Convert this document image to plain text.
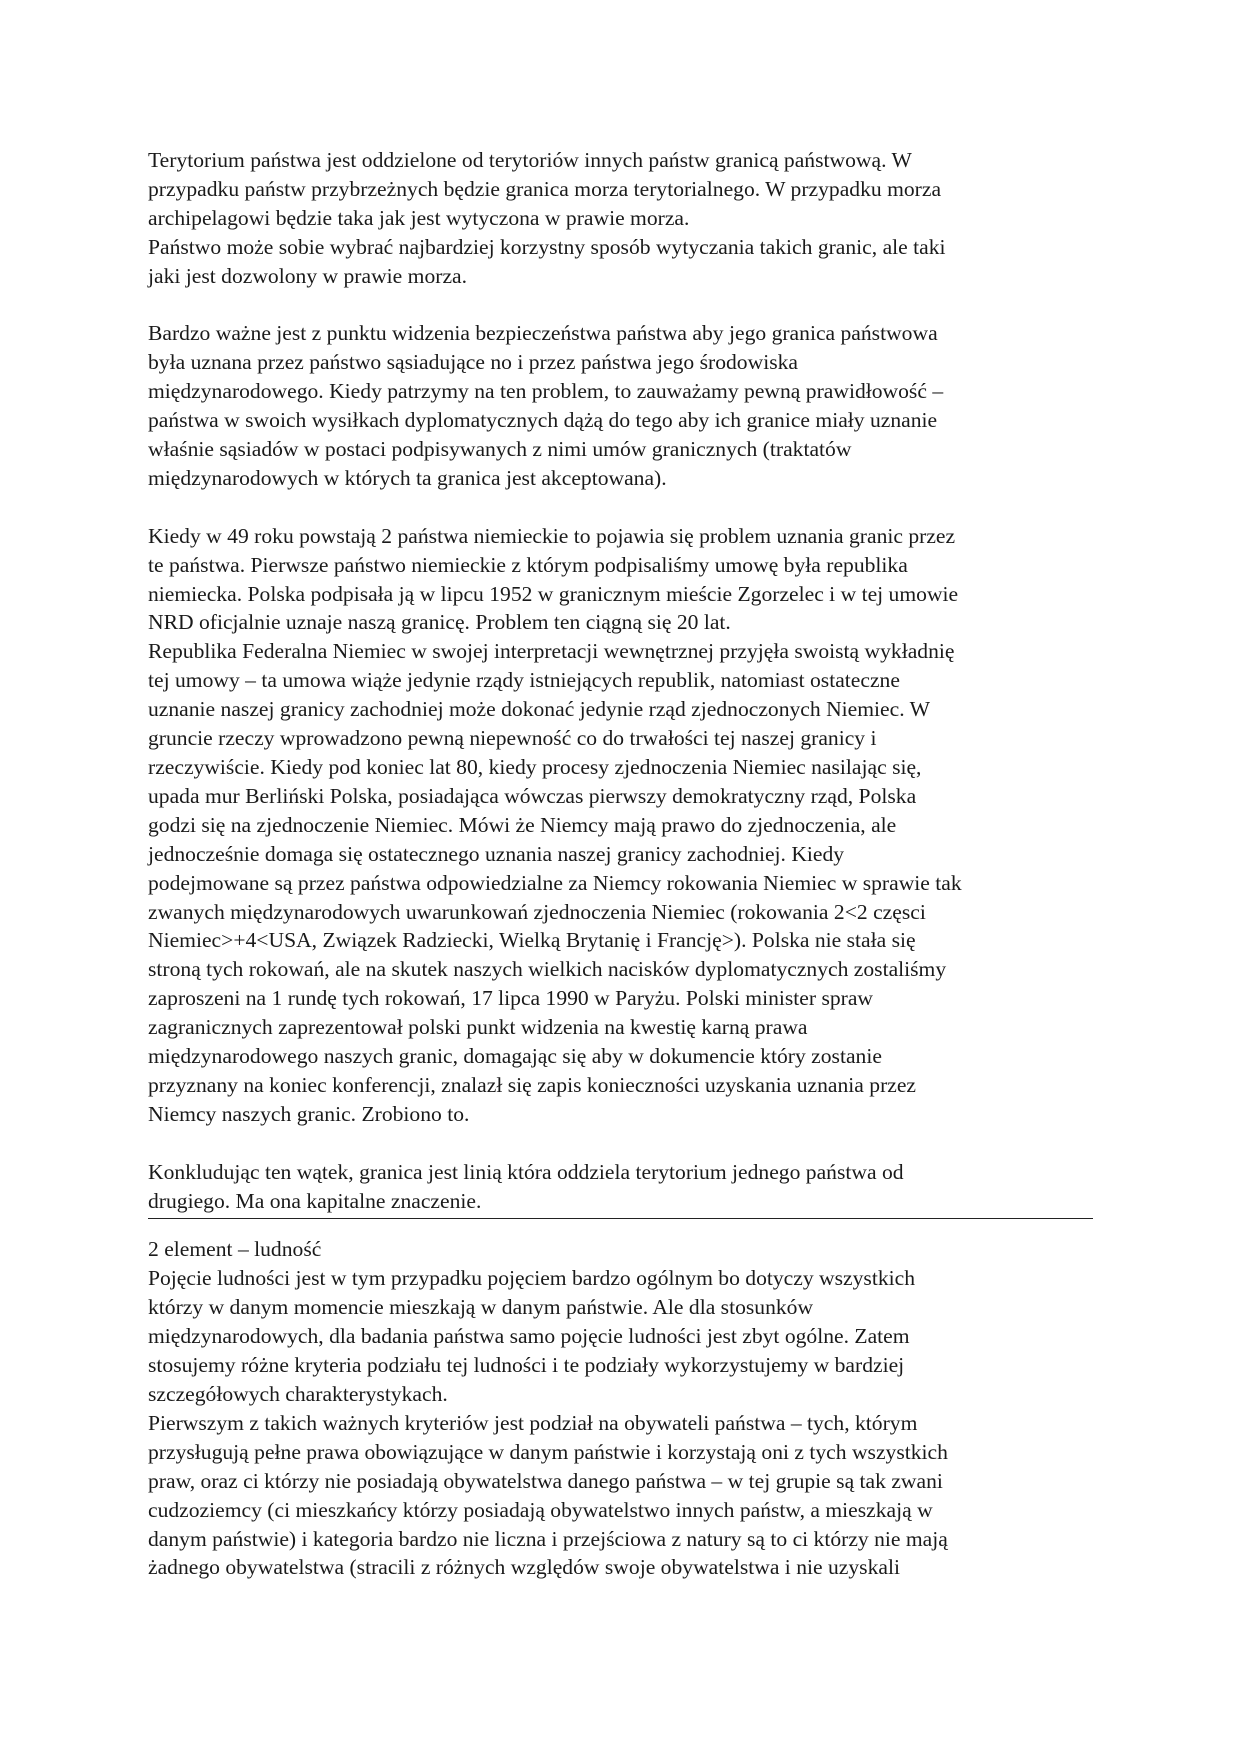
Terytorium państwa jest oddzielone od terytoriów innych państw granicą państwową. W
przypadku państw przybrzeżnych będzie granica morza terytorialnego. W przypadku morza
archipelagowi będzie taka jak jest wytyczona w prawie morza.

Państwo może sobie wybrać najbardziej korzystny sposób wytyczania takich granic, ale taki
jaki jest dozwolony w prawie morza.

Bardzo ważne jest z punktu widzenia bezpieczeństwa państwa aby jego granica państwowa
była uznana przez państwo sąsiadujące no i przez państwa jego środowiska
międzynarodowego. Kiedy patrzymy na ten problem, to zauważamy pewną prawidłowość –
państwa w swoich wysiłkach dyplomatycznych dążą do tego aby ich granice miały uznanie
właśnie sąsiadów w postaci podpisywanych z nimi umów granicznych (traktatów
międzynarodowych w których ta granica jest akceptowana).

Kiedy w 49 roku powstają 2 państwa niemieckie to pojawia się problem uznania granic przez
te państwa. Pierwsze państwo niemieckie z którym podpisaliśmy umowę była republika
niemiecka. Polska podpisała ją w lipcu 1952 w granicznym mieście Zgorzelec i w tej umowie
NRD oficjalnie uznaje naszą granicę. Problem ten ciągną się 20 lat.

Republika Federalna Niemiec w swojej interpretacji wewnętrznej przyjęła swoistą wykładnię
tej umowy – ta umowa wiąże jedynie rządy istniejących republik, natomiast ostateczne
uznanie naszej granicy zachodniej może dokonać jedynie rząd zjednoczonych Niemiec. W
gruncie rzeczy wprowadzono pewną niepewność co do trwałości tej naszej granicy i
rzeczywiście. Kiedy pod koniec lat 80, kiedy procesy zjednoczenia Niemiec nasilając się,
upada mur Berliński Polska, posiadająca wówczas pierwszy demokratyczny rząd, Polska
godzi się na zjednoczenie Niemiec. Mówi że Niemcy mają prawo do zjednoczenia, ale
jednocześnie domaga się ostatecznego uznania naszej granicy zachodniej. Kiedy
podejmowane są przez państwa odpowiedzialne za Niemcy rokowania Niemiec w sprawie tak
zwanych międzynarodowych uwarunkowań zjednoczenia Niemiec (rokowania 2<2 częsci
Niemiec>+4<USA, Związek Radziecki, Wielką Brytanię i Francję>). Polska nie stała się
stroną tych rokowań, ale na skutek naszych wielkich nacisków dyplomatycznych zostaliśmy
zaproszeni na 1 rundę tych rokowań, 17 lipca 1990 w Paryżu. Polski minister spraw
zagranicznych zaprezentował polski punkt widzenia na kwestię karną prawa
międzynarodowego naszych granic, domagając się aby w dokumencie który zostanie
przyznany na koniec konferencji, znalazł się zapis konieczności uzyskania uznania przez
Niemcy naszych granic. Zrobiono to.

Konkludując ten wątek, granica jest linią która oddziela terytorium jednego państwa od
drugiego. Ma ona kapitalne znaczenie.

2 element – ludność
Pojęcie ludności jest w tym przypadku pojęciem bardzo ogólnym bo dotyczy wszystkich
którzy w danym momencie mieszkają w danym państwie. Ale dla stosunków
międzynarodowych, dla badania państwa samo pojęcie ludności jest zbyt ogólne. Zatem
stosujemy różne kryteria podziału tej ludności i te podziały wykorzystujemy w bardziej
szczegółowych charakterystykach.

Pierwszym z takich ważnych kryteriów jest podział na obywateli państwa – tych, którym
przysługują pełne prawa obowiązujące w danym państwie i korzystają oni z tych wszystkich
praw, oraz ci którzy nie posiadają obywatelstwa danego państwa – w tej grupie są tak zwani
cudzoziemcy (ci mieszkańcy którzy posiadają obywatelstwo innych państw, a mieszkają w
danym państwie) i kategoria bardzo nie liczna i przejściowa z natury są to ci którzy nie mają
żadnego obywatelstwa (stracili z różnych względów swoje obywatelstwa i nie uzyskali
